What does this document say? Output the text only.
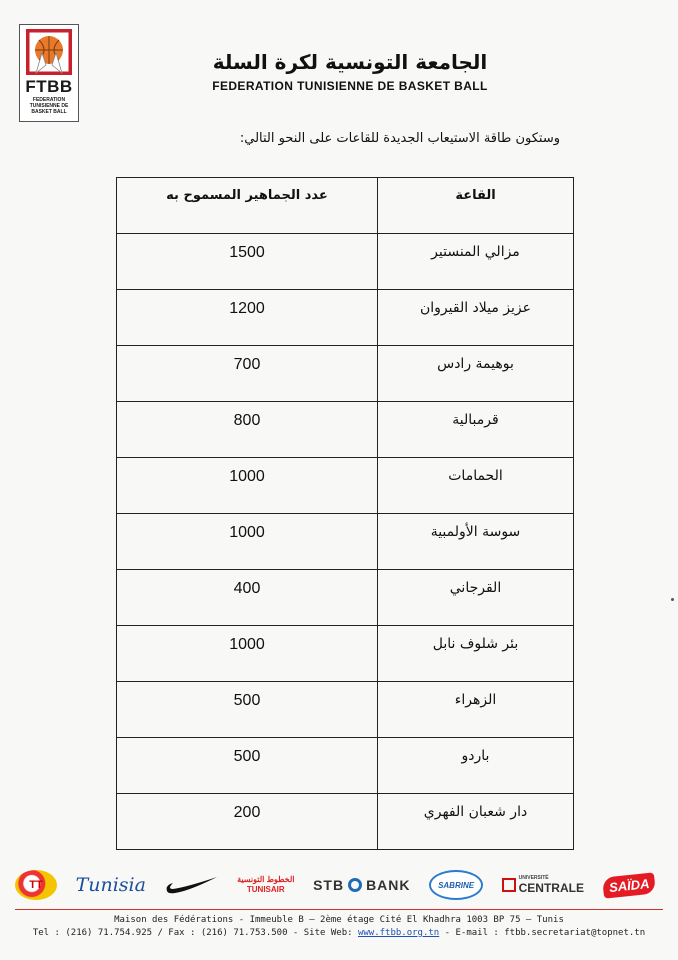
FTBB
FEDERATION
TUNISIENNE DE
BASKET BALL
الجامعة التونسية لكرة السلة
FEDERATION TUNISIENNE DE BASKET BALL
وستكون طاقة الاستيعاب الجديدة للقاعات على النحو التالي:
القاعة	عدد الجماهير المسموح به
مزالي المنستير	1500
عزيز ميلاد القيروان	1200
بوهيمة رادس	700
قرمبالية	800
الحمامات	1000
سوسة الأولمبية	1000
القرجاني	400
بئر شلوف نابل	1000
الزهراء	500
باردو	500
دار شعبان الفهري	200
TT	Tunisia	الخطوط التونسية
TUNISAIR	STB BANK	SABRINE
UNIVERSITÉ
CENTRALE	SAÏDA
Maison des Fédérations - Immeuble B – 2ème étage Cité El Khadhra 1003 BP 75 – Tunis
Tel : (216) 71.754.925 / Fax : (216) 71.753.500 - Site Web: www.ftbb.org.tn - E-mail : ftbb.secretariat@topnet.tn
